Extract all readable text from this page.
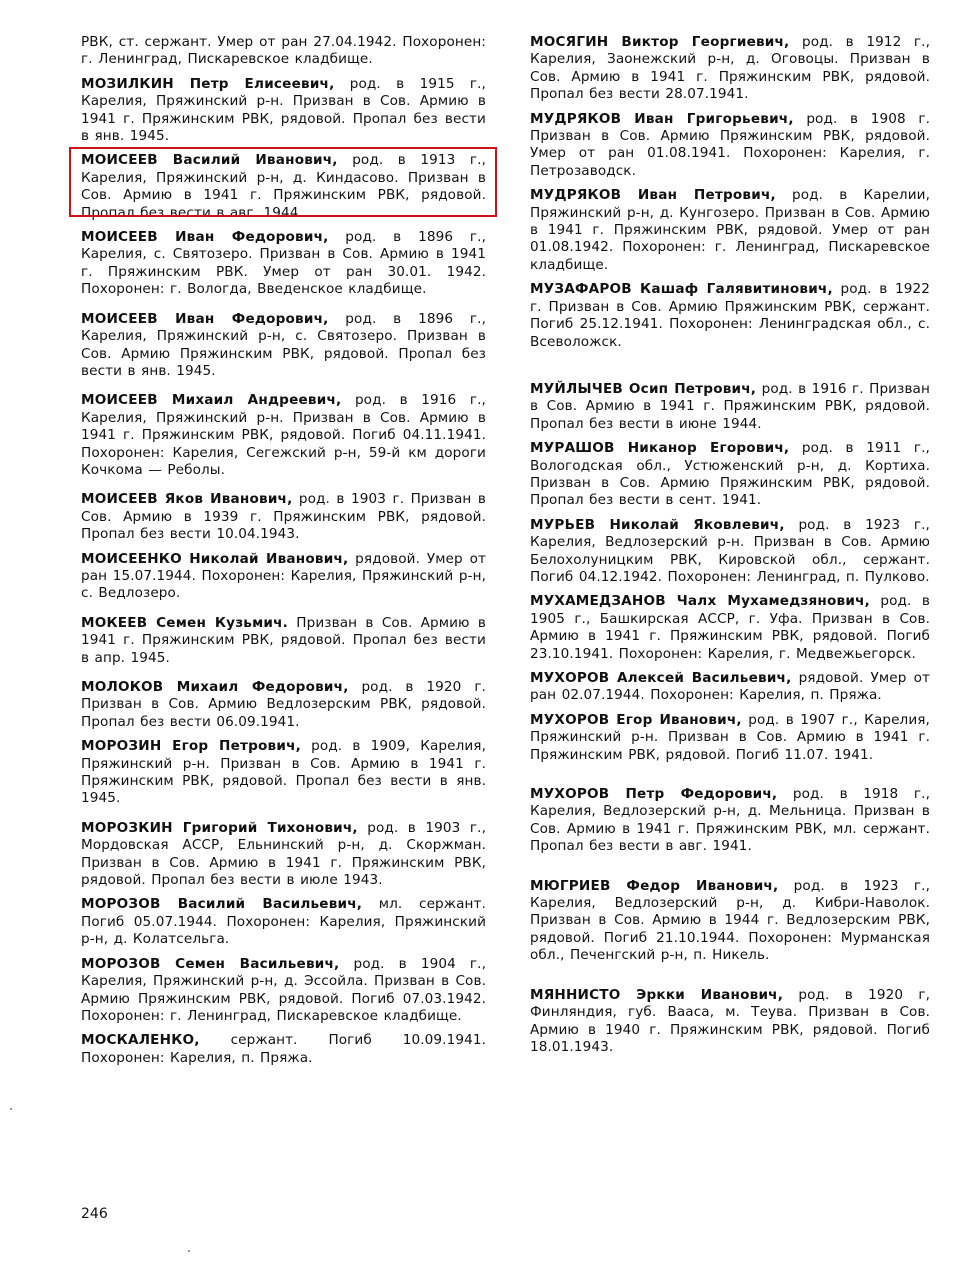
РВК, ст. сержант. Умер от ран 27.04.1942. Похоронен: г. Ленинград, Пискаревское кладбище.

МОЗИЛКИН Петр Елисеевич, род. в 1915 г., Карелия, Пряжинский р-н. Призван в Сов. Армию в 1941 г. Пряжинским РВК, рядовой. Пропал без вести в янв. 1945.

МОИСЕЕВ Василий Иванович, род. в 1913 г., Карелия, Пряжинский р-н, д. Киндасово. Призван в Сов. Армию в 1941 г. Пряжинским РВК, рядовой. Пропал без вести в авг. 1944.

МОИСЕЕВ Иван Федорович, род. в 1896 г., Карелия, с. Святозеро. Призван в Сов. Армию в 1941 г. Пряжинским РВК. Умер от ран 30.01. 1942. Похоронен: г. Вологда, Введенское кладбище.

МОИСЕЕВ Иван Федорович, род. в 1896 г., Карелия, Пряжинский р-н, с. Святозеро. Призван в Сов. Армию Пряжинским РВК, рядовой. Пропал без вести в янв. 1945.

МОИСЕЕВ Михаил Андреевич, род. в 1916 г., Карелия, Пряжинский р-н. Призван в Сов. Армию в 1941 г. Пряжинским РВК, рядовой. Погиб 04.11.1941. Похоронен: Карелия, Сегежский р-н, 59-й км дороги Кочкома — Реболы.

МОИСЕЕВ Яков Иванович, род. в 1903 г. Призван в Сов. Армию в 1939 г. Пряжинским РВК, рядовой. Пропал без вести 10.04.1943.

МОИСЕЕНКО Николай Иванович, рядовой. Умер от ран 15.07.1944. Похоронен: Карелия, Пряжинский р-н, с. Ведлозеро.

МОКЕЕВ Семен Кузьмич. Призван в Сов. Армию в 1941 г. Пряжинским РВК, рядовой. Пропал без вести в апр. 1945.

МОЛОКОВ Михаил Федорович, род. в 1920 г. Призван в Сов. Армию Ведлозерским РВК, рядовой. Пропал без вести 06.09.1941.

МОРОЗИН Егор Петрович, род. в 1909, Карелия, Пряжинский р-н. Призван в Сов. Армию в 1941 г. Пряжинским РВК, рядовой. Пропал без вести в янв. 1945.

МОРОЗКИН Григорий Тихонович, род. в 1903 г., Мордовская АССР, Ельнинский р-н, д. Скоржман. Призван в Сов. Армию в 1941 г. Пряжинским РВК, рядовой. Пропал без вести в июле 1943.

МОРОЗОВ Василий Васильевич, мл. сержант. Погиб 05.07.1944. Похоронен: Карелия, Пряжинский р-н, д. Колатсельга.

МОРОЗОВ Семен Васильевич, род. в 1904 г., Карелия, Пряжинский р-н, д. Эссойла. Призван в Сов. Армию Пряжинским РВК, рядовой. Погиб 07.03.1942. Похоронен: г. Ленинград, Пискаревское кладбище.

МОСКАЛЕНКО, сержант. Погиб 10.09.1941. Похоронен: Карелия, п. Пряжа.

МОСЯГИН Виктор Георгиевич, род. в 1912 г., Карелия, Заонежский р-н, д. Оговоцы. Призван в Сов. Армию в 1941 г. Пряжинским РВК, рядовой. Пропал без вести 28.07.1941.

МУДРЯКОВ Иван Григорьевич, род. в 1908 г. Призван в Сов. Армию Пряжинским РВК, рядовой. Умер от ран 01.08.1941. Похоронен: Карелия, г. Петрозаводск.

МУДРЯКОВ Иван Петрович, род. в Карелии, Пряжинский р-н, д. Кунгозеро. Призван в Сов. Армию в 1941 г. Пряжинским РВК, рядовой. Умер от ран 01.08.1942. Похоронен: г. Ленинград, Пискаревское кладбище.

МУЗАФАРОВ Кашаф Галявитинович, род. в 1922 г. Призван в Сов. Армию Пряжинским РВК, сержант. Погиб 25.12.1941. Похоронен: Ленинградская обл., с. Всеволожск.

МУЙЛЫЧЕВ Осип Петрович, род. в 1916 г. Призван в Сов. Армию в 1941 г. Пряжинским РВК, рядовой. Пропал без вести в июне 1944.

МУРАШОВ Никанор Егорович, род. в 1911 г., Вологодская обл., Устюженский р-н, д. Кортиха. Призван в Сов. Армию Пряжинским РВК, рядовой. Пропал без вести в сент. 1941.

МУРЬЕВ Николай Яковлевич, род. в 1923 г., Карелия, Ведлозерский р-н. Призван в Сов. Армию Белохолуницким РВК, Кировской обл., сержант. Погиб 04.12.1942. Похоронен: Ленинград, п. Пулково.

МУХАМЕДЗАНОВ Чалх Мухамедзянович, род. в 1905 г., Башкирская АССР, г. Уфа. Призван в Сов. Армию в 1941 г. Пряжинским РВК, рядовой. Погиб 23.10.1941. Похоронен: Карелия, г. Медвежьегорск.

МУХОРОВ Алексей Васильевич, рядовой. Умер от ран 02.07.1944. Похоронен: Карелия, п. Пряжа.

МУХОРОВ Егор Иванович, род. в 1907 г., Карелия, Пряжинский р-н. Призван в Сов. Армию в 1941 г. Пряжинским РВК, рядовой. Погиб 11.07. 1941.

МУХОРОВ Петр Федорович, род. в 1918 г., Карелия, Ведлозерский р-н, д. Мельница. Призван в Сов. Армию в 1941 г. Пряжинским РВК, мл. сержант. Пропал без вести в авг. 1941.

МЮГРИЕВ Федор Иванович, род. в 1923 г., Карелия, Ведлозерский р-н, д. Кибри-Наволок. Призван в Сов. Армию в 1944 г. Ведлозерским РВК, рядовой. Погиб 21.10.1944. Похоронен: Мурманская обл., Печенгский р-н, п. Никель.

МЯННИСТО Эркки Иванович, род. в 1920 г, Финляндия, губ. Вааса, м. Теува. Призван в Сов. Армию в 1940 г. Пряжинским РВК, рядовой. Погиб 18.01.1943.

246
